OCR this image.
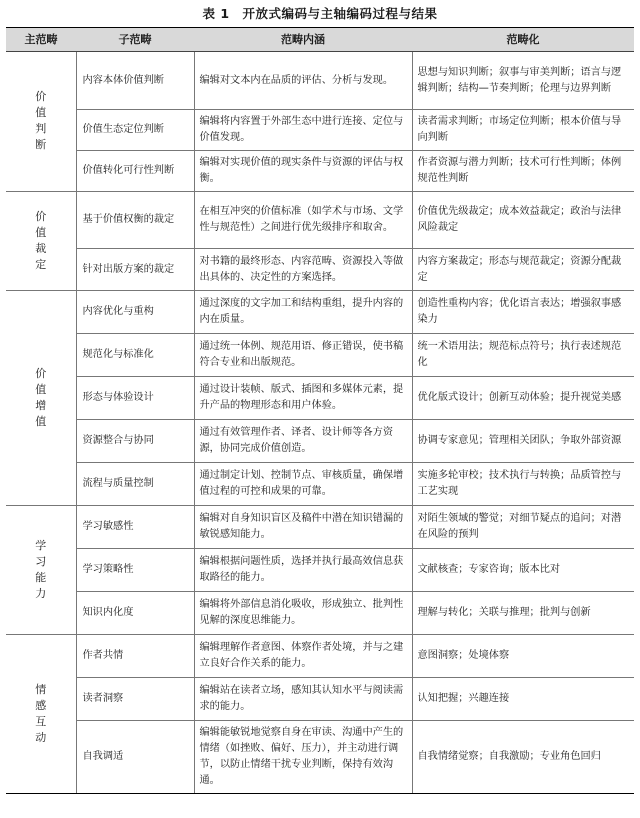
表 1　开放式编码与主轴编码过程与结果
主范畴	子范畴	范畴内涵	范畴化
价值判断	内容本体价值判断	编辑对文本内在品质的评估、分析与发现。	思想与知识判断；叙事与审美判断；语言与逻辑判断；结构—节奏判断；伦理与边界判断
	价值生态定位判断	编辑将内容置于外部生态中进行连接、定位与价值发现。	读者需求判断；市场定位判断；根本价值与导向判断
	价值转化可行性判断	编辑对实现价值的现实条件与资源的评估与权衡。	作者资源与潜力判断；技术可行性判断；体例规范性判断
价值裁定	基于价值权衡的裁定	在相互冲突的价值标准（如学术与市场、文学性与规范性）之间进行优先级排序和取舍。	价值优先级裁定；成本效益裁定；政治与法律风险裁定
	针对出版方案的裁定	对书籍的最终形态、内容范畴、资源投入等做出具体的、决定性的方案选择。	内容方案裁定；形态与规范裁定；资源分配裁定
价值增值	内容优化与重构	通过深度的文字加工和结构重组，提升内容的内在质量。	创造性重构内容；优化语言表达；增强叙事感染力
	规范化与标准化	通过统一体例、规范用语、修正错误，使书稿符合专业和出版规范。	统一术语用法；规范标点符号；执行表述规范化
	形态与体验设计	通过设计装帧、版式、插图和多媒体元素，提升产品的物理形态和用户体验。	优化版式设计；创新互动体验；提升视觉美感
	资源整合与协同	通过有效管理作者、译者、设计师等各方资源，协同完成价值创造。	协调专家意见；管理相关团队；争取外部资源
	流程与质量控制	通过制定计划、控制节点、审核质量，确保增值过程的可控和成果的可靠。	实施多轮审校；技术执行与转换；品质管控与工艺实现
学习能力	学习敏感性	编辑对自身知识盲区及稿件中潜在知识错漏的敏锐感知能力。	对陌生领域的警觉；对细节疑点的追问；对潜在风险的预判
	学习策略性	编辑根据问题性质，选择并执行最高效信息获取路径的能力。	文献核查；专家咨询；版本比对
	知识内化度	编辑将外部信息消化吸收，形成独立、批判性见解的深度思维能力。	理解与转化；关联与推理；批判与创新
情感互动	作者共情	编辑理解作者意图、体察作者处境，并与之建立良好合作关系的能力。	意图洞察；处境体察
	读者洞察	编辑站在读者立场，感知其认知水平与阅读需求的能力。	认知把握；兴趣连接
	自我调适	编辑能敏锐地觉察自身在审读、沟通中产生的情绪（如挫败、偏好、压力），并主动进行调节，以防止情绪干扰专业判断，保持有效沟通。	自我情绪觉察；自我激励；专业角色回归
